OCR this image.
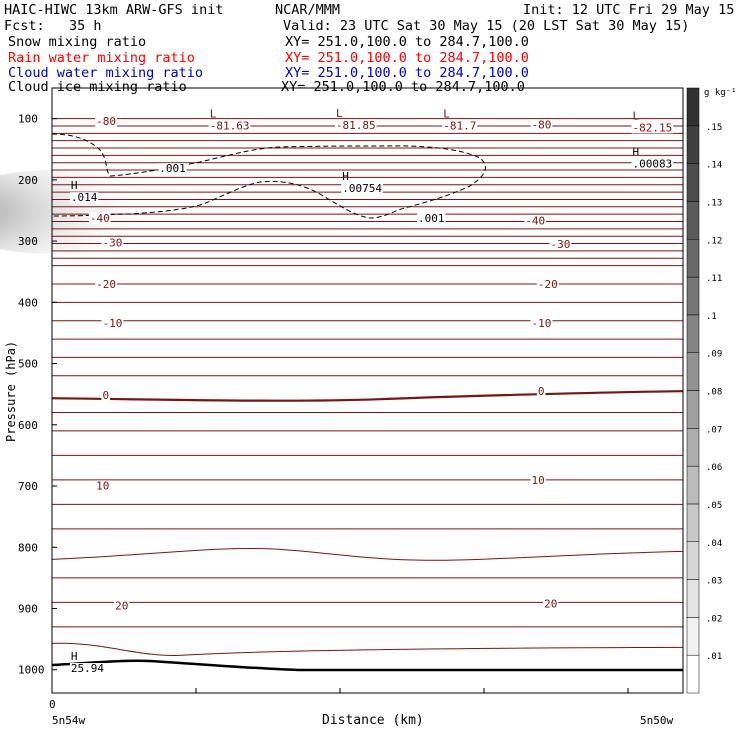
HAIC-HIWC 13km ARW-GFS init	NCAR/MMM	Init: 12 UTC Fri 29 May 15
Fcst:   35 h	Valid: 23 UTC Sat 30 May 15 (20 LST Sat 30 May 15)
Snow mixing ratio	XY= 251.0,100.0 to 284.7,100.0
Rain water mixing ratio	XY= 251.0,100.0 to 284.7,100.0
Cloud water mixing ratio	XY= 251.0,100.0 to 284.7,100.0
Cloud ice mixing ratio	XY= 251.0,100.0 to 284.7,100.0
-80	-80
-40	-40
-30	-30
-20	-20
-10	-10
0	0
10	10
20	20
L
-81.63
L
-81.85
L
-81.7
L
-82.15
H
.00083
H
.00754
H
.014
H
25.94
.001
.001
100
200
300
400
500
600
700
800
900
1000
0
5n54w	Distance (km)	5n50w
Pressure (hPa)
.01
.02
.03
.04
.05
.06
.07
.08
.09
.1
.11
.12
.13
.14
.15
g kg⁻¹
